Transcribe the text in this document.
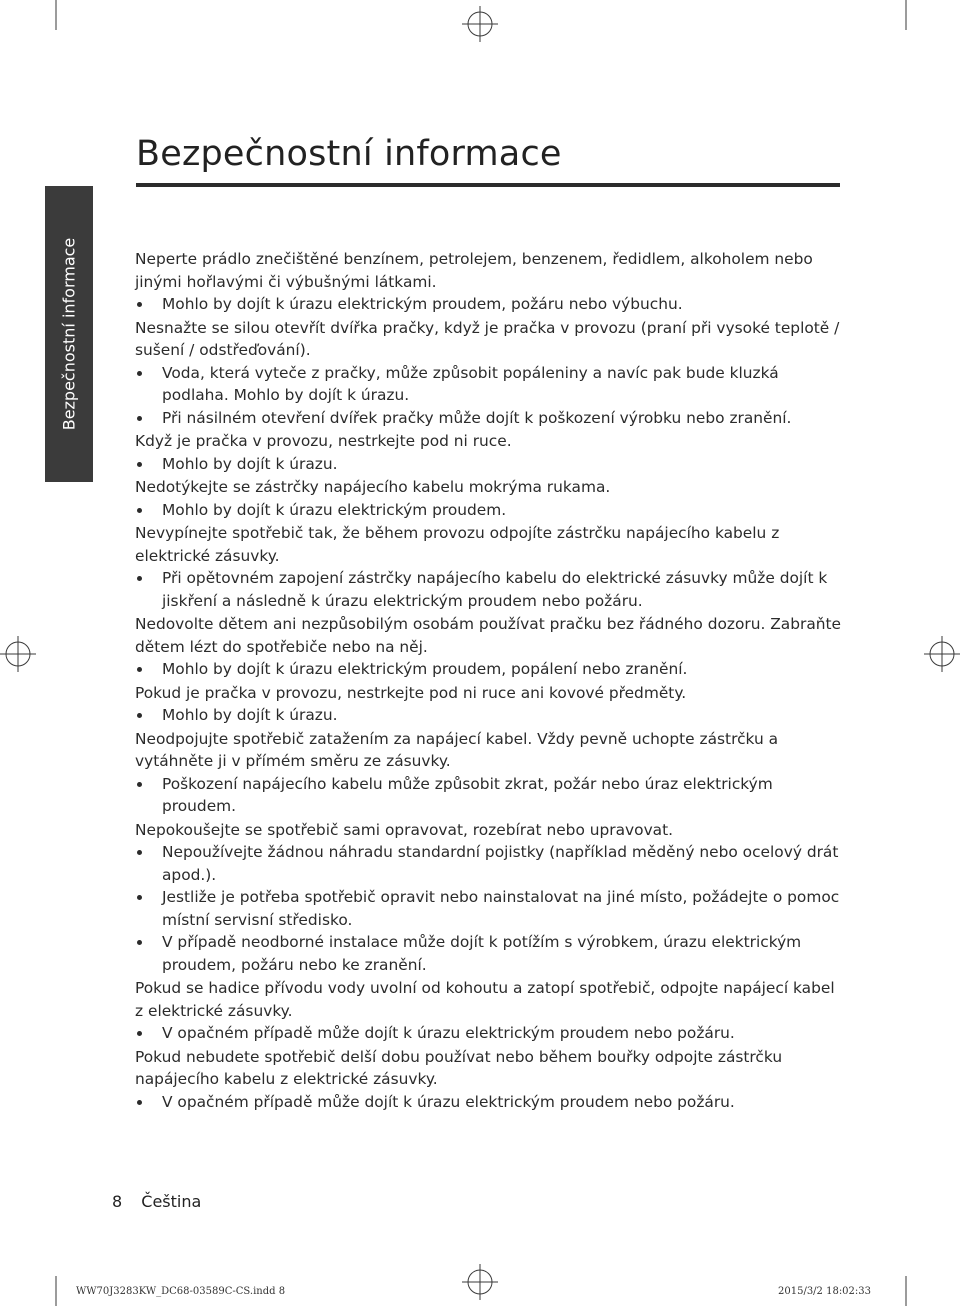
Bezpečnostní informace
Bezpečnostní informace	Neperte prádlo znečištěné benzínem, petrolejem, benzenem, ředidlem, alkoholem nebo jinými hořlavými či výbušnými látkami.

Mohlo by dojít k úrazu elektrickým proudem, požáru nebo výbuchu.

Nesnažte se silou otevřít dvířka pračky, když je pračka v provozu (praní při vysoké teplotě / sušení / odstřeďování).

Voda, která vyteče z pračky, může způsobit popáleniny a navíc pak bude kluzká podlaha. Mohlo by dojít k úrazu.

Při násilném otevření dvířek pračky může dojít k poškození výrobku nebo zranění.

Když je pračka v provozu, nestrkejte pod ni ruce.

Mohlo by dojít k úrazu.

Nedotýkejte se zástrčky napájecího kabelu mokrýma rukama.

Mohlo by dojít k úrazu elektrickým proudem.

Nevypínejte spotřebič tak, že během provozu odpojíte zástrčku napájecího kabelu z elektrické zásuvky.

Při opětovném zapojení zástrčky napájecího kabelu do elektrické zásuvky může dojít k jiskření a následně k úrazu elektrickým proudem nebo požáru.

Nedovolte dětem ani nezpůsobilým osobám používat pračku bez řádného dozoru. Zabraňte dětem lézt do spotřebiče nebo na něj.

Mohlo by dojít k úrazu elektrickým proudem, popálení nebo zranění.

Pokud je pračka v provozu, nestrkejte pod ni ruce ani kovové předměty.

Mohlo by dojít k úrazu.

Neodpojujte spotřebič zatažením za napájecí kabel. Vždy pevně uchopte zástrčku a vytáhněte ji v přímém směru ze zásuvky.

Poškození napájecího kabelu může způsobit zkrat, požár nebo úraz elektrickým proudem.

Nepokoušejte se spotřebič sami opravovat, rozebírat nebo upravovat.

Nepoužívejte žádnou náhradu standardní pojistky (například měděný nebo ocelový drát apod.).

Jestliže je potřeba spotřebič opravit nebo nainstalovat na jiné místo, požádejte o pomoc místní servisní středisko.

V případě neodborné instalace může dojít k potížím s výrobkem, úrazu elektrickým proudem, požáru nebo ke zranění.

Pokud se hadice přívodu vody uvolní od kohoutu a zatopí spotřebič, odpojte napájecí kabel z elektrické zásuvky.

V opačném případě může dojít k úrazu elektrickým proudem nebo požáru.

Pokud nebudete spotřebič delší dobu používat nebo během bouřky odpojte zástrčku napájecího kabelu z elektrické zásuvky.

V opačném případě může dojít k úrazu elektrickým proudem nebo požáru.

8 Čeština
WW70J3283KW_DC68-03589C-CS.indd 8	2015/3/2 18:02:33
